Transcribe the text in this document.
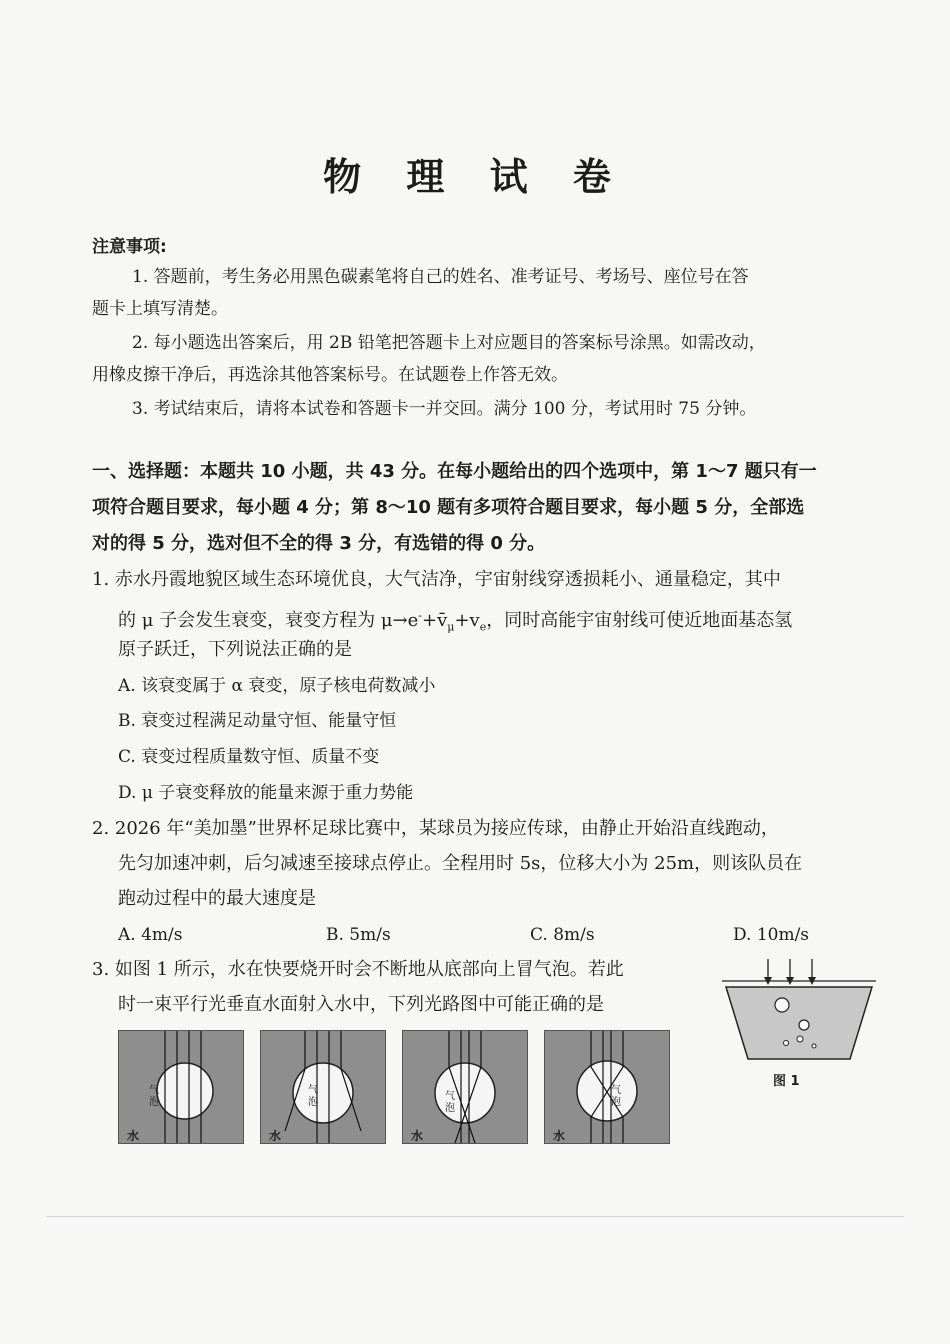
物 理 试 卷
注意事项:
1. 答题前，考生务必用黑色碳素笔将自己的姓名、准考证号、考场号、座位号在答
题卡上填写清楚。
2. 每小题选出答案后，用 2B 铅笔把答题卡上对应题目的答案标号涂黑。如需改动，
用橡皮擦干净后，再选涂其他答案标号。在试题卷上作答无效。
3. 考试结束后，请将本试卷和答题卡一并交回。满分 100 分，考试用时 75 分钟。
一、选择题：本题共 10 小题，共 43 分。在每小题给出的四个选项中，第 1～7 题只有一
项符合题目要求，每小题 4 分；第 8～10 题有多项符合题目要求，每小题 5 分，全部选
对的得 5 分，选对但不全的得 3 分，有选错的得 0 分。
1. 赤水丹霞地貌区域生态环境优良，大气洁净，宇宙射线穿透损耗小、通量稳定，其中
的 μ 子会发生衰变，衰变方程为 $\mu\to e^-+v̄_\mu+v_e$，同时高能宇宙射线可使近地面基态氢
原子跃迁，下列说法正确的是
A. 该衰变属于 α 衰变，原子核电荷数减小
B. 衰变过程满足动量守恒、能量守恒
C. 衰变过程质量数守恒、质量不变
D. μ 子衰变释放的能量来源于重力势能
2. 2026 年“美加墨”世界杯足球比赛中，某球员为接应传球，由静止开始沿直线跑动，
先匀加速冲刺，后匀减速至接球点停止。全程用时 5s，位移大小为 25m，则该队员在
跑动过程中的最大速度是
A. 4m/s	B. 5m/s	C. 8m/s	D. 10m/s
3. 如图 1 所示，水在快要烧开时会不断地从底部向上冒气泡。若此
时一束平行光垂直水面射入水中，下列光路图中可能正确的是
图 1
气
泡
水
气
泡
水
气
泡
水
气
泡
水
